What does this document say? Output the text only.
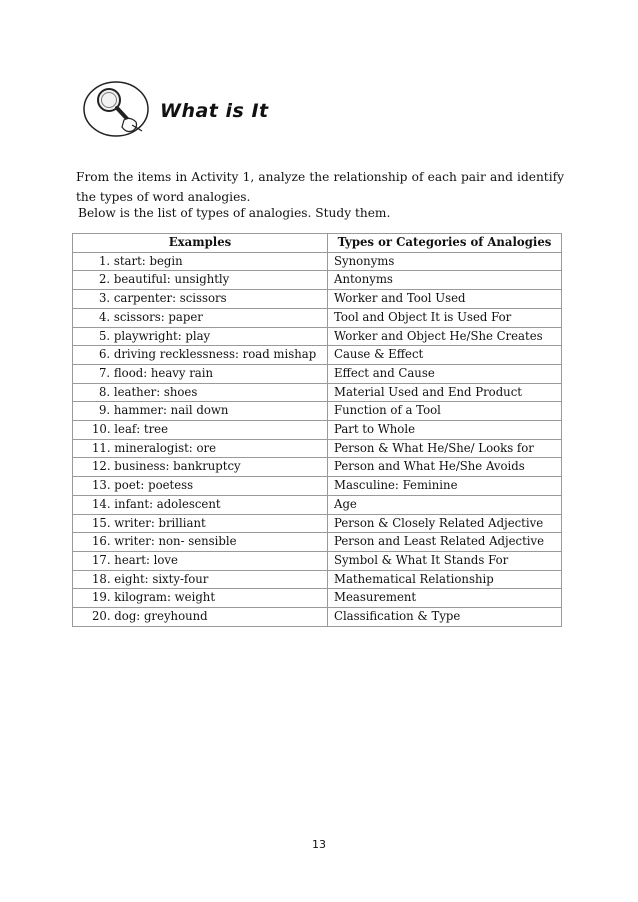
What is It
From the items in Activity 1, analyze the relationship of each pair and identify the types of word analogies.
Below is the list of types of analogies. Study them.
Examples	Types or Categories of Analogies
1. start: begin	Synonyms
2. beautiful: unsightly	Antonyms
3. carpenter: scissors	Worker and Tool Used
4. scissors: paper	Tool and Object It is Used For
5. playwright: play	Worker and Object He/She Creates
6. driving recklessness: road mishap	Cause & Effect
7. flood: heavy rain	Effect and Cause
8. leather: shoes	Material Used and End Product
9. hammer: nail down	Function of a Tool
10. leaf: tree	Part to Whole
11. mineralogist: ore	Person & What He/She/ Looks for
12. business: bankruptcy	Person and What He/She Avoids
13. poet: poetess	Masculine: Feminine
14. infant: adolescent	Age
15. writer: brilliant	Person & Closely Related Adjective
16. writer: non- sensible	Person and Least Related Adjective
17. heart: love	Symbol & What It Stands For
18. eight: sixty-four	Mathematical Relationship
19. kilogram: weight	Measurement
20. dog: greyhound	Classification & Type
13
